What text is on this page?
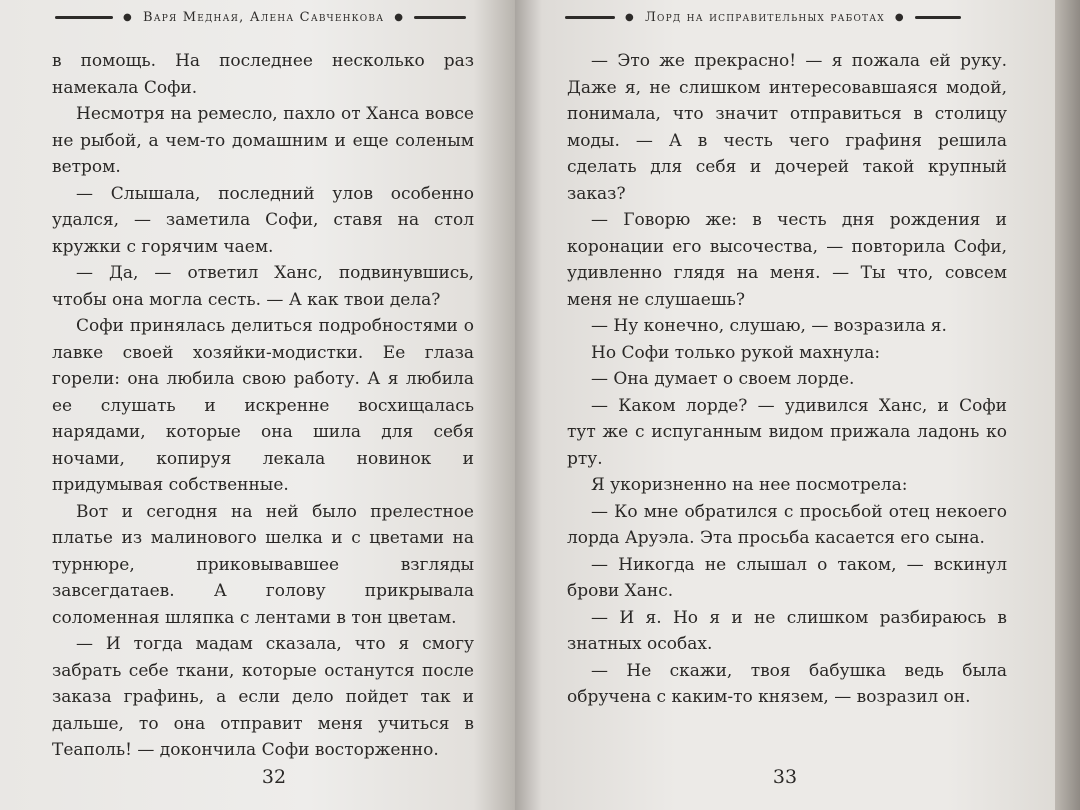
● Варя Медная, Алена Савченкова ●

в помощь. На последнее несколько раз намекала Софи.

Несмотря на ремесло, пахло от Ханса вовсе не рыбой, а чем-то домашним и еще соленым ветром.

— Слышала, последний улов особенно удался, — заметила Софи, ставя на стол кружки с горячим чаем.

— Да, — ответил Ханс, подвинувшись, чтобы она могла сесть. — А как твои дела?

Софи принялась делиться подробностями о лавке своей хозяйки-модистки. Ее глаза горели: она любила свою работу. А я любила ее слушать и искренне восхищалась нарядами, которые она шила для себя ночами, копируя лекала новинок и придумывая собственные.

Вот и сегодня на ней было прелестное платье из малинового шелка и с цветами на турнюре, приковывавшее взгляды завсегдатаев. А голову прикрывала соломенная шляпка с лентами в тон цветам.

— И тогда мадам сказала, что я смогу забрать себе ткани, которые останутся после заказа графинь, а если дело пойдет так и дальше, то она отправит меня учиться в Теаполь! — докончила Софи восторженно.

32
● Лорд на исправительных работах ●

— Это же прекрасно! — я пожала ей руку. Даже я, не слишком интересовавшаяся модой, понимала, что значит отправиться в столицу моды. — А в честь чего графиня решила сделать для себя и дочерей такой крупный заказ?

— Говорю же: в честь дня рождения и коронации его высочества, — повторила Софи, удивленно глядя на меня. — Ты что, совсем меня не слушаешь?

— Ну конечно, слушаю, — возразила я.

Но Софи только рукой махнула:

— Она думает о своем лорде.

— Каком лорде? — удивился Ханс, и Софи тут же с испуганным видом прижала ладонь ко рту.

Я укоризненно на нее посмотрела:

— Ко мне обратился с просьбой отец некоего лорда Аруэла. Эта просьба касается его сына.

— Никогда не слышал о таком, — вскинул брови Ханс.

— И я. Но я и не слишком разбираюсь в знатных особах.

— Не скажи, твоя бабушка ведь была обручена с каким-то князем, — возразил он.

33
